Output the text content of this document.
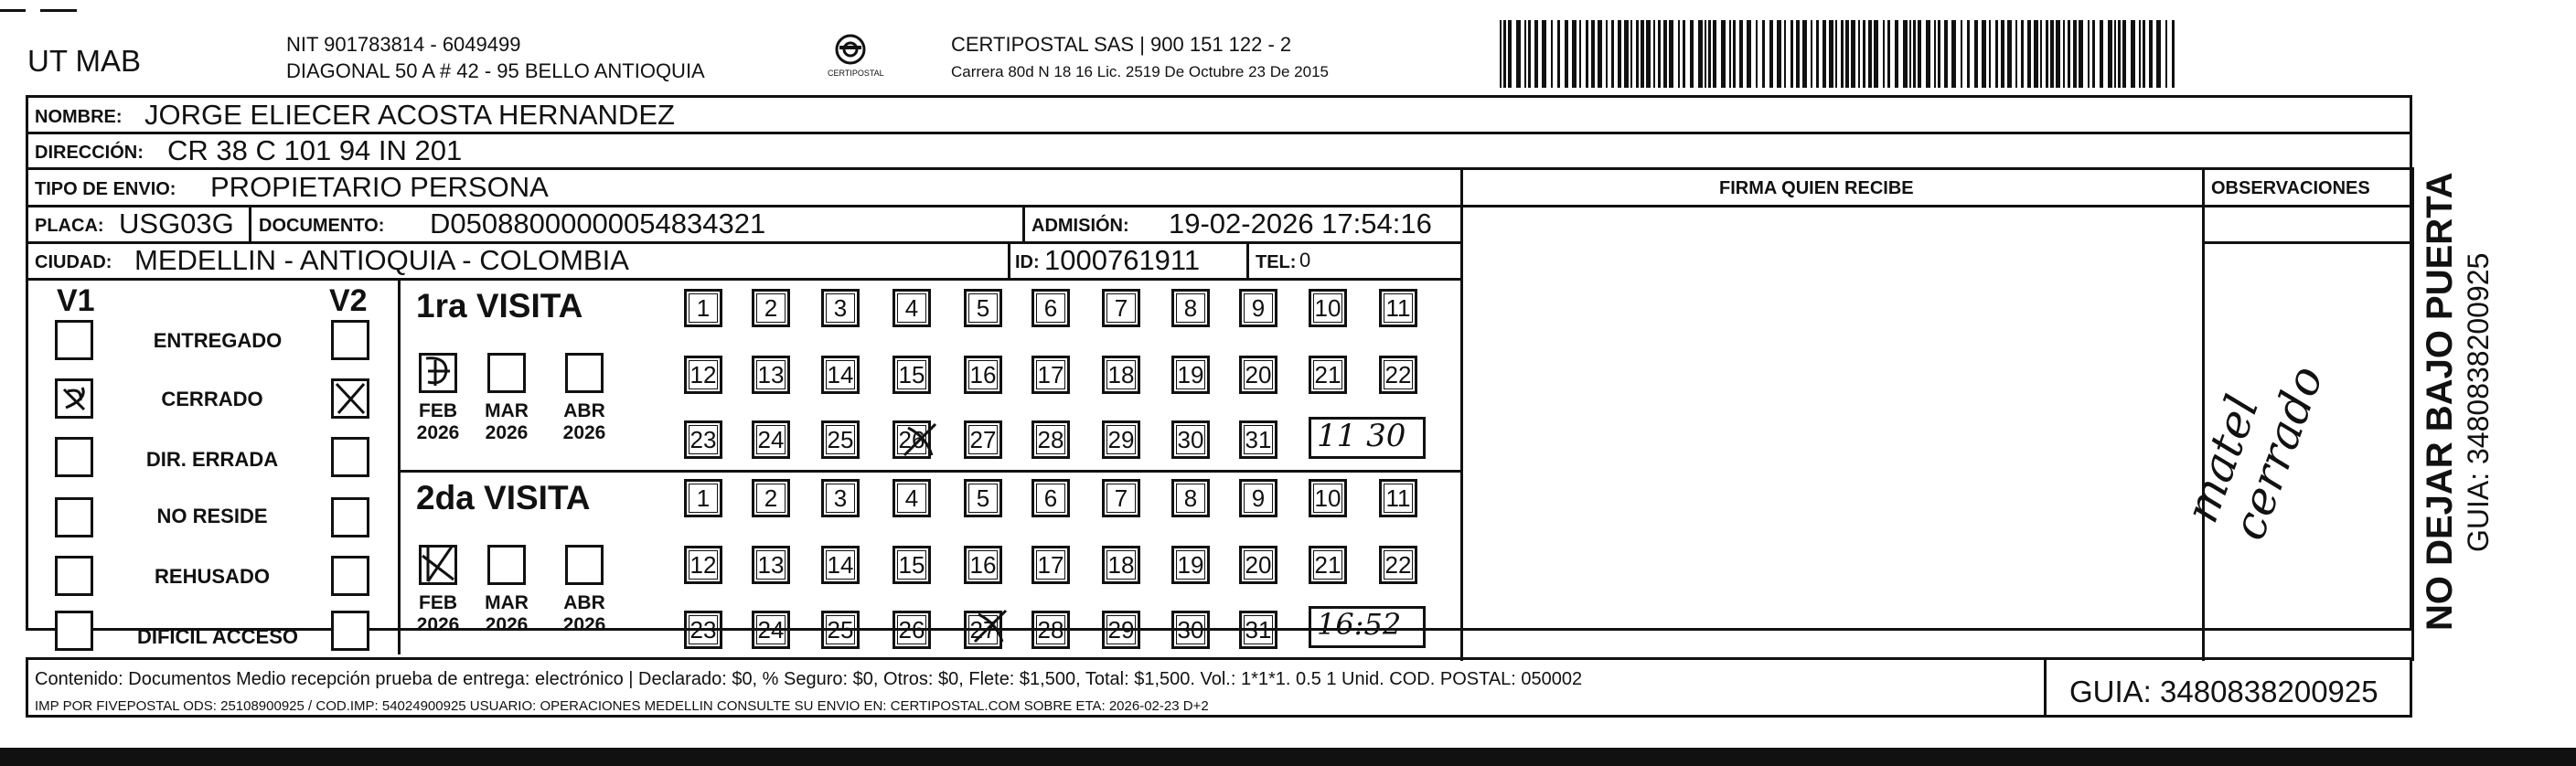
UT MAB	NIT 901783814 - 6049499
DIAGONAL 50 A # 42 - 95 BELLO ANTIOQUIA	CERTIPOSTAL
CERTIPOSTAL SAS | 900 151 122 - 2
Carrera 80d N 18 16 Lic. 2519 De Octubre 23 De 2015
NOMBRE: JORGE ELIECER ACOSTA HERNANDEZ
DIRECCIÓN: CR 38 C 101 94 IN 201
TIPO DE ENVIO: PROPIETARIO PERSONA
PLACA: USG03G DOCUMENTO: D05088000000054834321	ADMISIÓN: 19-02-2026 17:54:16
CIUDAD: MEDELLIN - ANTIOQUIA - COLOMBIA	ID: 1000761911	TEL: 0
FIRMA QUIEN RECIBE	OBSERVACIONES
V1	V2
ENTREGADO
CERRADO
DIR. ERRADA
NO RESIDE
REHUSADO
DIFICIL ACCESO
1ra VISITA
FEB
2026
MAR
2026
ABR
2026
1	2	3	4	5	6	7	8	9	10 11
12 13 14 15 16 17 18 19 20 21 22
23 24 25 26 27 28 29 30 31 11 30
2da VISITA
FEB
2026
MAR
2026
ABR
2026
1	2	3	4	5	6	7	8	9	10 11
12 13 14 15 16 17 18 19 20 21 22
23 24 25 26 27 28 29 30 31 16:52
matel cerrado NO DEJAR BAJO PUERTA GUIA: 3480838200925
Contenido: Documentos Medio recepción prueba de entrega: electrónico | Declarado: $0, % Seguro: $0, Otros: $0, Flete: $1,500, Total: $1,500. Vol.: 1*1*1. 0.5 1 Unid. COD. POSTAL: 050002
IMP POR FIVEPOSTAL ODS: 25108900925 / COD.IMP: 54024900925 USUARIO: OPERACIONES MEDELLIN CONSULTE SU ENVIO EN: CERTIPOSTAL.COM SOBRE ETA: 2026-02-23 D+2	GUIA: 3480838200925
